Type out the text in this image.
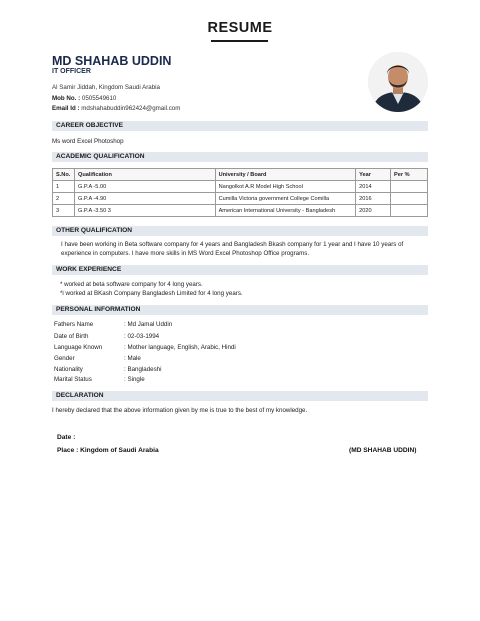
RESUME
MD SHAHAB UDDIN
IT OFFICER
Al Samir Jiddah, Kingdom Saudi Arabia
Mob No. : 0505549610
Email Id : mdshahabuddin962424@gmail.com
CAREER OBJECTIVE
Ms word Excel Photoshop
ACADEMIC QUALIFICATION
S.No.	Qualification	University / Board	Year	Per %
1	G.P.A -5.00	Nangolkot A.R Model High School	2014	
2	G.P.A -4.90	Cumilla Victoria government College Comilla	2016	
3	G.P.A -3.50 3	American International University - Bangladesh	2020	
OTHER QUALIFICATION
I have been working in Beta software company for 4 years and Bangladesh Bkash company for 1 year and I have 10 years of experience in computers. I have more skills in MS Word Excel Photoshop Office programs.
WORK EXPERIENCE
* worked at beta software company for 4 long years.
*i worked at BKash Company Bangladesh Limited for 4 long years.
PERSONAL INFORMATION
Fathers Name	: Md Jamal Uddin
Date of Birth	: 02-03-1994
Language Known	: Mother language, English, Arabic, Hindi
Gender	: Male
Nationality	: Bangladeshi
Marital Status	: Single
DECLARATION
I hereby declared that the above information given by me is true to the best of my knowledge.
Date :
Place : Kingdom of Saudi Arabia	(MD SHAHAB UDDIN)
